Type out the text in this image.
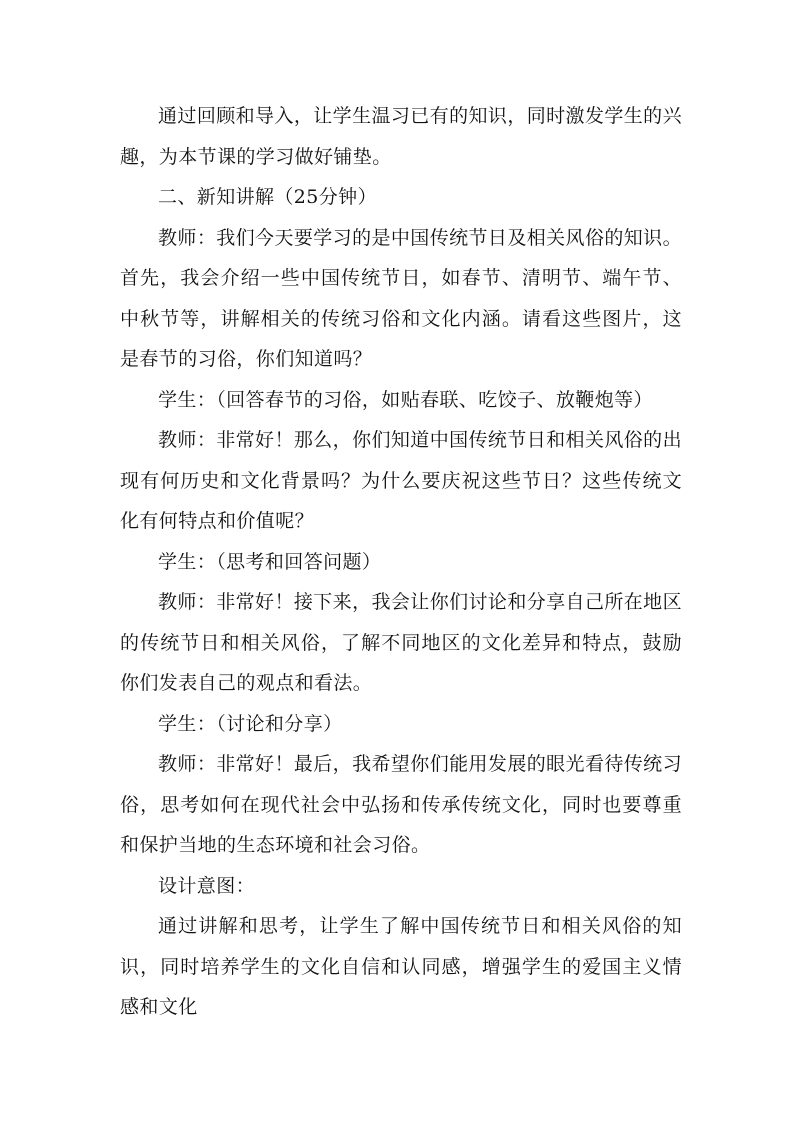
通过回顾和导入，让学生温习已有的知识，同时激发学生的兴趣，为本节课的学习做好铺垫。

二、新知讲解（25分钟）

教师：我们今天要学习的是中国传统节日及相关风俗的知识。首先，我会介绍一些中国传统节日，如春节、清明节、端午节、中秋节等，讲解相关的传统习俗和文化内涵。请看这些图片，这是春节的习俗，你们知道吗？

学生：（回答春节的习俗，如贴春联、吃饺子、放鞭炮等）

教师：非常好！那么，你们知道中国传统节日和相关风俗的出现有何历史和文化背景吗？为什么要庆祝这些节日？这些传统文化有何特点和价值呢？

学生：（思考和回答问题）

教师：非常好！接下来，我会让你们讨论和分享自己所在地区的传统节日和相关风俗，了解不同地区的文化差异和特点，鼓励你们发表自己的观点和看法。

学生：（讨论和分享）

教师：非常好！最后，我希望你们能用发展的眼光看待传统习俗，思考如何在现代社会中弘扬和传承传统文化，同时也要尊重和保护当地的生态环境和社会习俗。

设计意图：

通过讲解和思考，让学生了解中国传统节日和相关风俗的知识，同时培养学生的文化自信和认同感，增强学生的爱国主义情感和文化
